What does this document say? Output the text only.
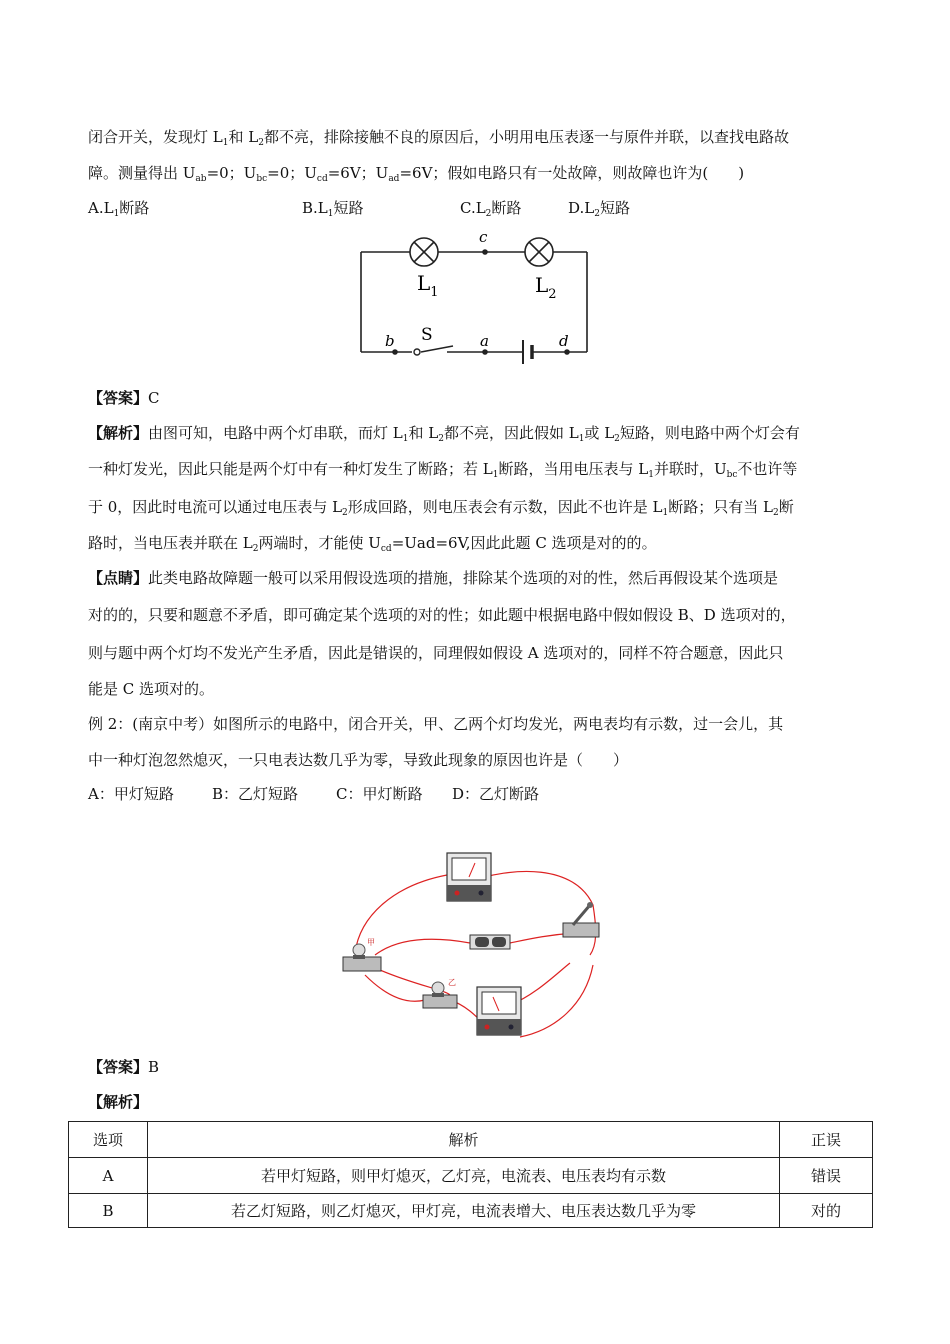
闭合开关，发现灯 $L_1$和 $L_2$都不亮，排除接触不良的原因后，小明用电压表逐一与原件并联，以查找电路故
障。测量得出 $U_{ab}=0$；$U_{bc}=0$；$U_{cd}=6V$；$U_{ad}=6V$；假如电路只有一处故障，则故障也许为(　　)
$A.L_1$断路	$B.L_1$短路	$C.L_2$断路	$D.L_2$短路
c
$L_1$	$L_2$
b S	a	d
【答案】C
【解析】由图可知，电路中两个灯串联，而灯 $L_1$和 $L_2$都不亮，因此假如 $L_1$或 $L_2$短路，则电路中两个灯会有
一种灯发光，因此只能是两个灯中有一种灯发生了断路；若 $L_1$断路，当用电压表与 $L_1$并联时，$U_{bc}$不也许等
于 0，因此时电流可以通过电压表与 $L_2$形成回路，则电压表会有示数，因此不也许是 $L_1$断路；只有当 $L_2$断
路时，当电压表并联在 $L_2$两端时，才能使 $U_{cd}=Uad=6V$,因此此题 C 选项是对的的。
【点睛】此类电路故障题一般可以采用假设选项的措施，排除某个选项的对的性，然后再假设某个选项是
对的的，只要和题意不矛盾，即可确定某个选项的对的性；如此题中根据电路中假如假设 B、D 选项对的，
则与题中两个灯均不发光产生矛盾，因此是错误的，同理假如假设 A 选项对的，同样不符合题意，因此只
能是 C 选项对的。
例 2：(南京中考）如图所示的电路中，闭合开关，甲、乙两个灯均发光，两电表均有示数，过一会儿，其
中一种灯泡忽然熄灭，一只电表达数几乎为零，导致此现象的原因也许是（　　）
A：甲灯短路	B：乙灯短路	C：甲灯断路 D：乙灯断路
甲
乙
【答案】B
【解析】
选项	解析	正误
A	若甲灯短路，则甲灯熄灭，乙灯亮，电流表、电压表均有示数	错误
B	若乙灯短路，则乙灯熄灭，甲灯亮，电流表增大、电压表达数几乎为零	对的
